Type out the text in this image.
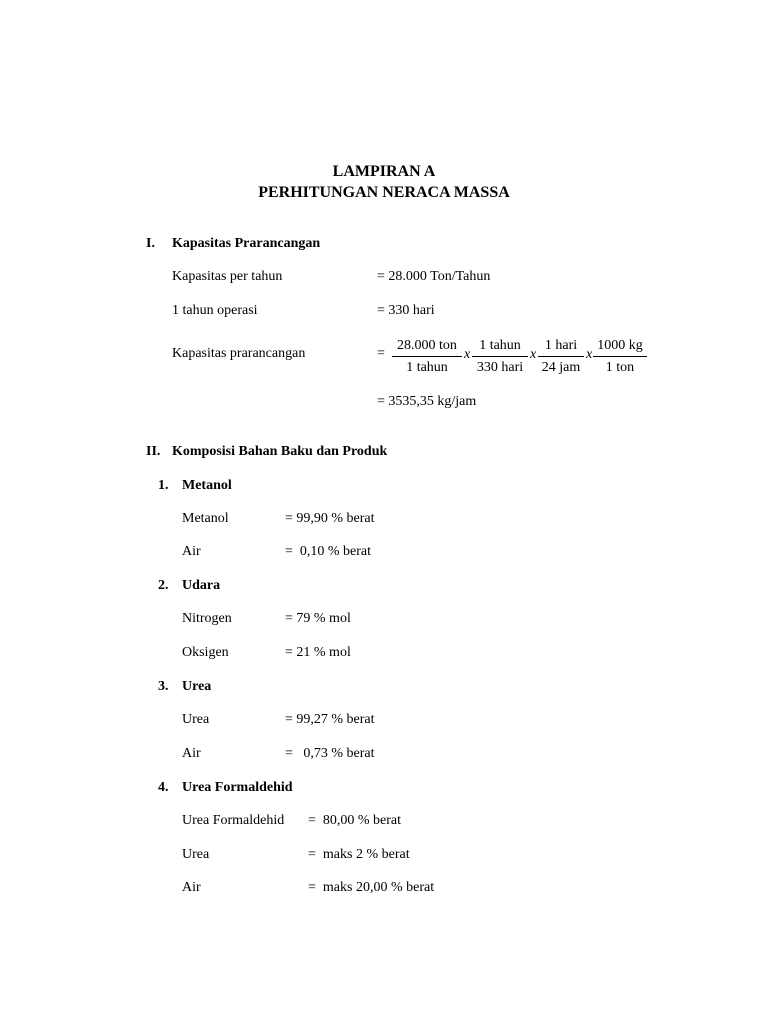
LAMPIRAN A
PERHITUNGAN NERACA MASSA
I. Kapasitas Prarancangan
Kapasitas per tahun	= 28.000 Ton/Tahun
1 tahun operasi	= 330 hari
Kapasitas prarancangan	=
28.000 ton
1 tahun
x
1 tahun
330 hari
x
1 hari
24 jam
x
1000 kg
1 ton
= 3535,35 kg/jam
II. Komposisi Bahan Baku dan Produk
1. Metanol
Metanol	= 99,90 % berat
Air	=  0,10 % berat
2. Udara
Nitrogen	= 79 % mol
Oksigen	= 21 % mol
3. Urea
Urea	= 99,27 % berat
Air	=   0,73 % berat
4. Urea Formaldehid
Urea Formaldehid =  80,00 % berat
Urea	=  maks 2 % berat
Air	=  maks 20,00 % berat
